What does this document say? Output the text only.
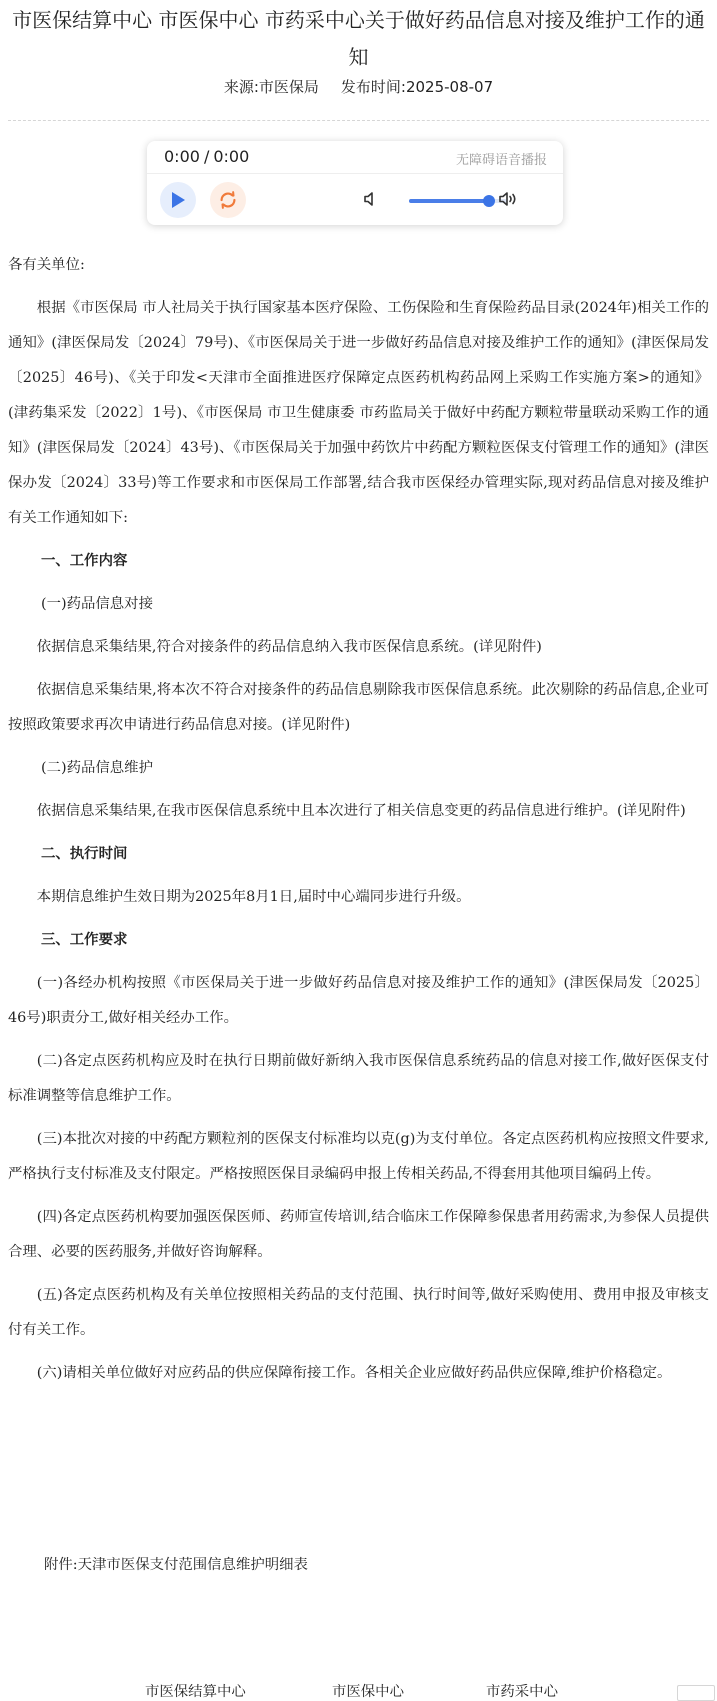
市医保结算中心 市医保中心 市药采中心关于做好药品信息对接及维护工作的通知
来源:市医保局 发布时间:2025-08-07
0:00 / 0:00	无障碍语音播报

各有关单位:

根据《市医保局 市人社局关于执行国家基本医疗保险、工伤保险和生育保险药品目录(2024年)相关工作的通知》(津医保局发〔2024〕79号)、《市医保局关于进一步做好药品信息对接及维护工作的通知》(津医保局发〔2025〕46号)、《关于印发<天津市全面推进医疗保障定点医药机构药品网上采购工作实施方案>的通知》(津药集采发〔2022〕1号)、《市医保局 市卫生健康委 市药监局关于做好中药配方颗粒带量联动采购工作的通知》(津医保局发〔2024〕43号)、《市医保局关于加强中药饮片中药配方颗粒医保支付管理工作的通知》(津医保办发〔2024〕33号)等工作要求和市医保局工作部署,结合我市医保经办管理实际,现对药品信息对接及维护有关工作通知如下:

一、工作内容

(一)药品信息对接

依据信息采集结果,符合对接条件的药品信息纳入我市医保信息系统。(详见附件)

依据信息采集结果,将本次不符合对接条件的药品信息剔除我市医保信息系统。此次剔除的药品信息,企业可按照政策要求再次申请进行药品信息对接。(详见附件)

(二)药品信息维护

依据信息采集结果,在我市医保信息系统中且本次进行了相关信息变更的药品信息进行维护。(详见附件)

二、执行时间

本期信息维护生效日期为2025年8月1日,届时中心端同步进行升级。

三、工作要求

(一)各经办机构按照《市医保局关于进一步做好药品信息对接及维护工作的通知》(津医保局发〔2025〕46号)职责分工,做好相关经办工作。

(二)各定点医药机构应及时在执行日期前做好新纳入我市医保信息系统药品的信息对接工作,做好医保支付标准调整等信息维护工作。

(三)本批次对接的中药配方颗粒剂的医保支付标准均以克(g)为支付单位。各定点医药机构应按照文件要求,严格执行支付标准及支付限定。严格按照医保目录编码申报上传相关药品,不得套用其他项目编码上传。

(四)各定点医药机构要加强医保医师、药师宣传培训,结合临床工作保障参保患者用药需求,为参保人员提供合理、必要的医药服务,并做好咨询解释。

(五)各定点医药机构及有关单位按照相关药品的支付范围、执行时间等,做好采购使用、费用申报及审核支付有关工作。

(六)请相关单位做好对应药品的供应保障衔接工作。各相关企业应做好药品供应保障,维护价格稳定。

附件:天津市医保支付范围信息维护明细表
市医保结算中心	市医保中心	市药采中心
